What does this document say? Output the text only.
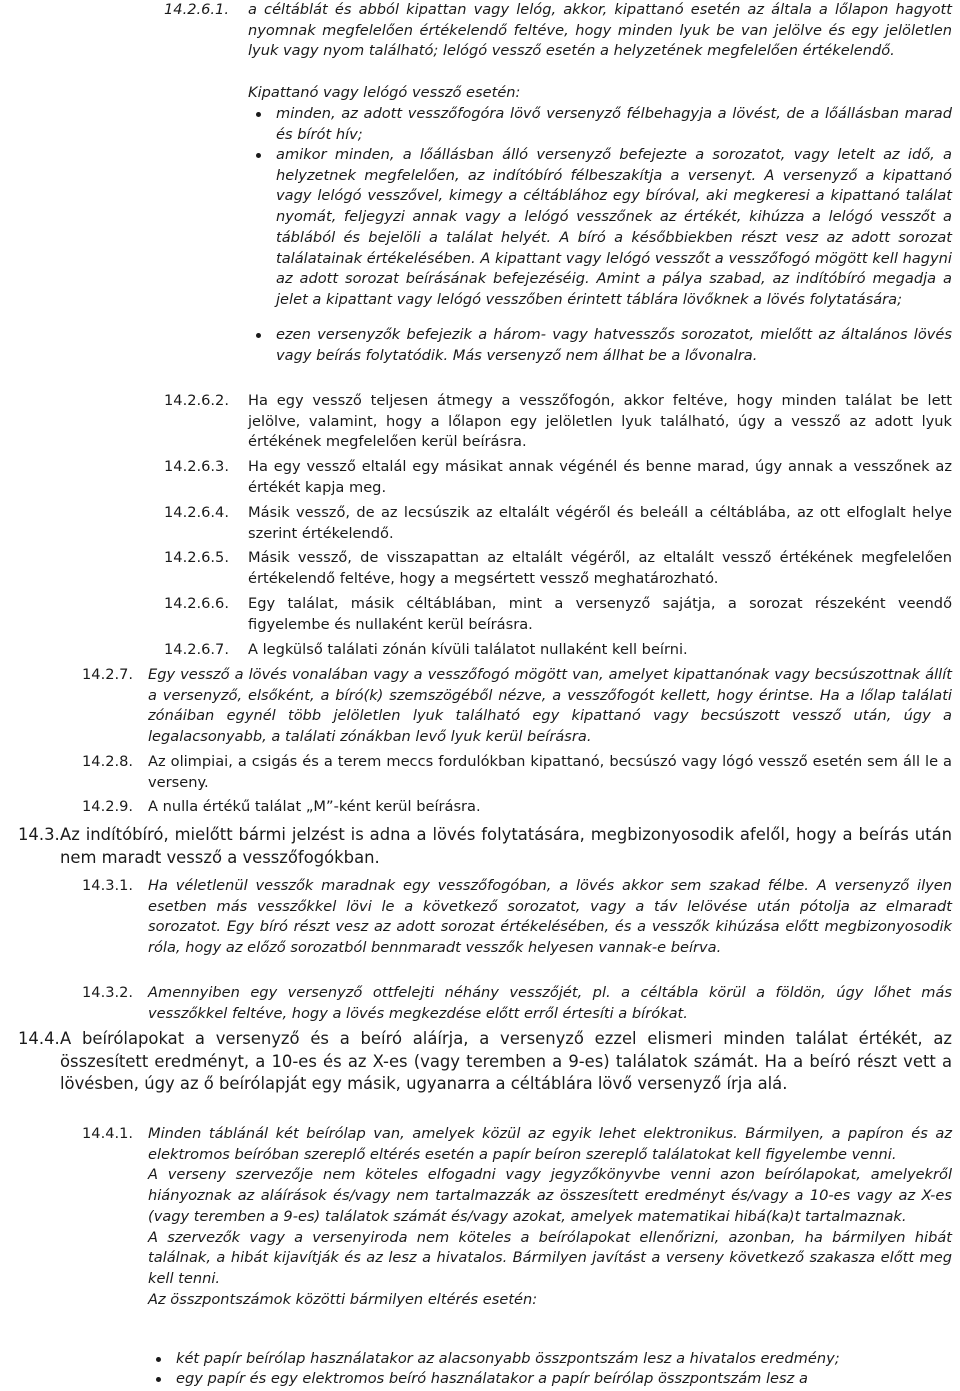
14.2.6.1. a céltáblát és abból kipattan vagy lelóg, akkor, kipattanó esetén az általa a lőlapon hagyott nyomnak megfelelően értékelendő feltéve, hogy minden lyuk be van jelölve és egy jelöletlen lyuk vagy nyom található; lelógó vessző esetén a helyzetének megfelelően értékelendő.
Kipattanó vagy lelógó vessző esetén:
minden, az adott vesszőfogóra lövő versenyző félbehagyja a lövést, de a lőállásban marad és bírót hív;
amikor minden, a lőállásban álló versenyző befejezte a sorozatot, vagy letelt az idő, a helyzetnek megfelelően, az indítóbíró félbeszakítja a versenyt. A versenyző a kipattanó vagy lelógó vesszővel, kimegy a céltáblához egy bíróval, aki megkeresi a kipattanó találat nyomát, feljegyzi annak vagy a lelógó vesszőnek az értékét, kihúzza a lelógó vesszőt a táblából és bejelöli a találat helyét. A bíró a későbbiekben részt vesz az adott sorozat találatainak értékelésében. A kipattant vagy lelógó vesszőt a vesszőfogó mögött kell hagyni az adott sorozat beírásának befejezéséig. Amint a pálya szabad, az indítóbíró megadja a jelet a kipattant vagy lelógó vesszőben érintett táblára lövőknek a lövés folytatására;
ezen versenyzők befejezik a három- vagy hatvesszős sorozatot, mielőtt az általános lövés vagy beírás folytatódik. Más versenyző nem állhat be a lővonalra.
14.2.6.2. Ha egy vessző teljesen átmegy a vesszőfogón, akkor feltéve, hogy minden találat be lett jelölve, valamint, hogy a lőlapon egy jelöletlen lyuk található, úgy a vessző az adott lyuk értékének megfelelően kerül beírásra.
14.2.6.3. Ha egy vessző eltalál egy másikat annak végénél és benne marad, úgy annak a vesszőnek az értékét kapja meg.
14.2.6.4. Másik vessző, de az lecsúszik az eltalált végéről és beleáll a céltáblába, az ott elfoglalt helye szerint értékelendő.
14.2.6.5. Másik vessző, de visszapattan az eltalált végéről, az eltalált vessző értékének megfelelően értékelendő feltéve, hogy a megsértett vessző meghatározható.
14.2.6.6. Egy találat, másik céltáblában, mint a versenyző sajátja, a sorozat részeként veendő figyelembe és nullaként kerül beírásra.
14.2.6.7. A legkülső találati zónán kívüli találatot nullaként kell beírni.
14.2.7. Egy vessző a lövés vonalában vagy a vesszőfogó mögött van, amelyet kipattanónak vagy becsúszottnak állít a versenyző, elsőként, a bíró(k) szemszögéből nézve, a vesszőfogót kellett, hogy érintse. Ha a lőlap találati zónáiban egynél több jelöletlen lyuk található egy kipattanó vagy becsúszott vessző után, úgy a legalacsonyabb, a találati zónákban levő lyuk kerül beírásra.
14.2.8. Az olimpiai, a csigás és a terem meccs fordulókban kipattanó, becsúszó vagy lógó vessző esetén sem áll le a verseny.
14.2.9. A nulla értékű találat „M”-ként kerül beírásra.
14.3. Az indítóbíró, mielőtt bármi jelzést is adna a lövés folytatására, megbizonyosodik afelől, hogy a beírás után nem maradt vessző a vesszőfogókban.
14.3.1. Ha véletlenül vesszők maradnak egy vesszőfogóban, a lövés akkor sem szakad félbe. A versenyző ilyen esetben más vesszőkkel lövi le a következő sorozatot, vagy a táv lelövése után pótolja az elmaradt sorozatot. Egy bíró részt vesz az adott sorozat értékelésében, és a vesszők kihúzása előtt megbizonyosodik róla, hogy az előző sorozatból bennmaradt vesszők helyesen vannak-e beírva.
14.3.2. Amennyiben egy versenyző ottfelejti néhány vesszőjét, pl. a céltábla körül a földön, úgy lőhet más vesszőkkel feltéve, hogy a lövés megkezdése előtt erről értesíti a bírókat.
14.4. A beírólapokat a versenyző és a beíró aláírja, a versenyző ezzel elismeri minden találat értékét, az összesített eredményt, a 10-es és az X-es (vagy teremben a 9-es) találatok számát. Ha a beíró részt vett a lövésben, úgy az ő beírólapját egy másik, ugyanarra a céltáblára lövő versenyző írja alá.
14.4.1. Minden táblánál két beírólap van, amelyek közül az egyik lehet elektronikus. Bármilyen, a papíron és az elektromos beíróban szereplő eltérés esetén a papír beíron szereplő találatokat kell figyelembe venni.

A verseny szervezője nem köteles elfogadni vagy jegyzőkönyvbe venni azon beírólapokat, amelyekről hiányoznak az aláírások és/vagy nem tartalmazzák az összesített eredményt és/vagy a 10-es vagy az X-es (vagy teremben a 9-es) találatok számát és/vagy azokat, amelyek matematikai hibá(ka)t tartalmaznak.

A szervezők vagy a versenyiroda nem köteles a beírólapokat ellenőrizni, azonban, ha bármilyen hibát találnak, a hibát kijavítják és az lesz a hivatalos. Bármilyen javítást a verseny következő szakasza előtt meg kell tenni.

Az összpontszámok közötti bármilyen eltérés esetén:

két papír beírólap használatakor az alacsonyabb összpontszám lesz a hivatalos eredmény;
egy papír és egy elektromos beíró használatakor a papír beírólap összpontszám lesz a
